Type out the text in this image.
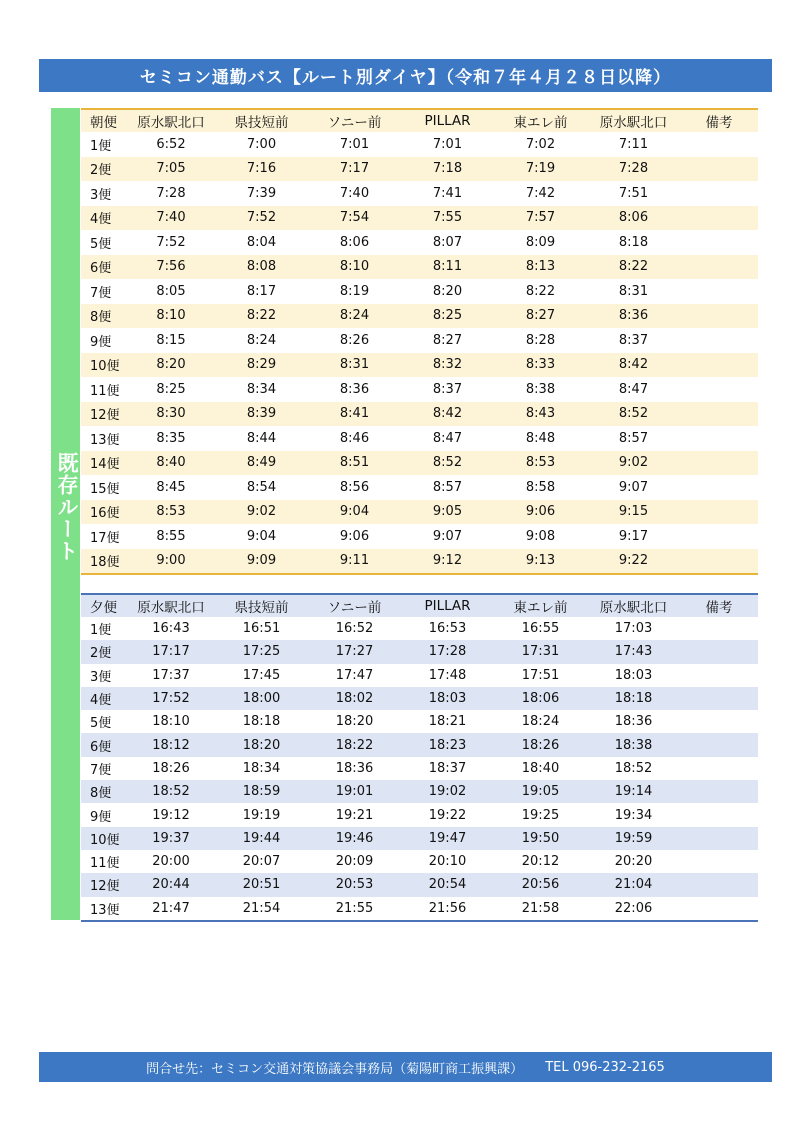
セミコン通勤バス【ルート別ダイヤ】（令和７年４月２８日以降）
既存ルート
朝便	原水駅北口	県技短前	ソニー前	PILLAR	東エレ前	原水駅北口	備考
1便	6:52	7:00	7:01	7:01	7:02	7:11	
2便	7:05	7:16	7:17	7:18	7:19	7:28	
3便	7:28	7:39	7:40	7:41	7:42	7:51	
4便	7:40	7:52	7:54	7:55	7:57	8:06	
5便	7:52	8:04	8:06	8:07	8:09	8:18	
6便	7:56	8:08	8:10	8:11	8:13	8:22	
7便	8:05	8:17	8:19	8:20	8:22	8:31	
8便	8:10	8:22	8:24	8:25	8:27	8:36	
9便	8:15	8:24	8:26	8:27	8:28	8:37	
10便	8:20	8:29	8:31	8:32	8:33	8:42	
11便	8:25	8:34	8:36	8:37	8:38	8:47	
12便	8:30	8:39	8:41	8:42	8:43	8:52	
13便	8:35	8:44	8:46	8:47	8:48	8:57	
14便	8:40	8:49	8:51	8:52	8:53	9:02	
15便	8:45	8:54	8:56	8:57	8:58	9:07	
16便	8:53	9:02	9:04	9:05	9:06	9:15	
17便	8:55	9:04	9:06	9:07	9:08	9:17	
18便	9:00	9:09	9:11	9:12	9:13	9:22	
夕便	原水駅北口	県技短前	ソニー前	PILLAR	東エレ前	原水駅北口	備考
1便	16:43	16:51	16:52	16:53	16:55	17:03	
2便	17:17	17:25	17:27	17:28	17:31	17:43	
3便	17:37	17:45	17:47	17:48	17:51	18:03	
4便	17:52	18:00	18:02	18:03	18:06	18:18	
5便	18:10	18:18	18:20	18:21	18:24	18:36	
6便	18:12	18:20	18:22	18:23	18:26	18:38	
7便	18:26	18:34	18:36	18:37	18:40	18:52	
8便	18:52	18:59	19:01	19:02	19:05	19:14	
9便	19:12	19:19	19:21	19:22	19:25	19:34	
10便	19:37	19:44	19:46	19:47	19:50	19:59	
11便	20:00	20:07	20:09	20:10	20:12	20:20	
12便	20:44	20:51	20:53	20:54	20:56	21:04	
13便	21:47	21:54	21:55	21:56	21:58	22:06	
問合せ先：セミコン交通対策協議会事務局（菊陽町商工振興課） TEL 096-232-2165
